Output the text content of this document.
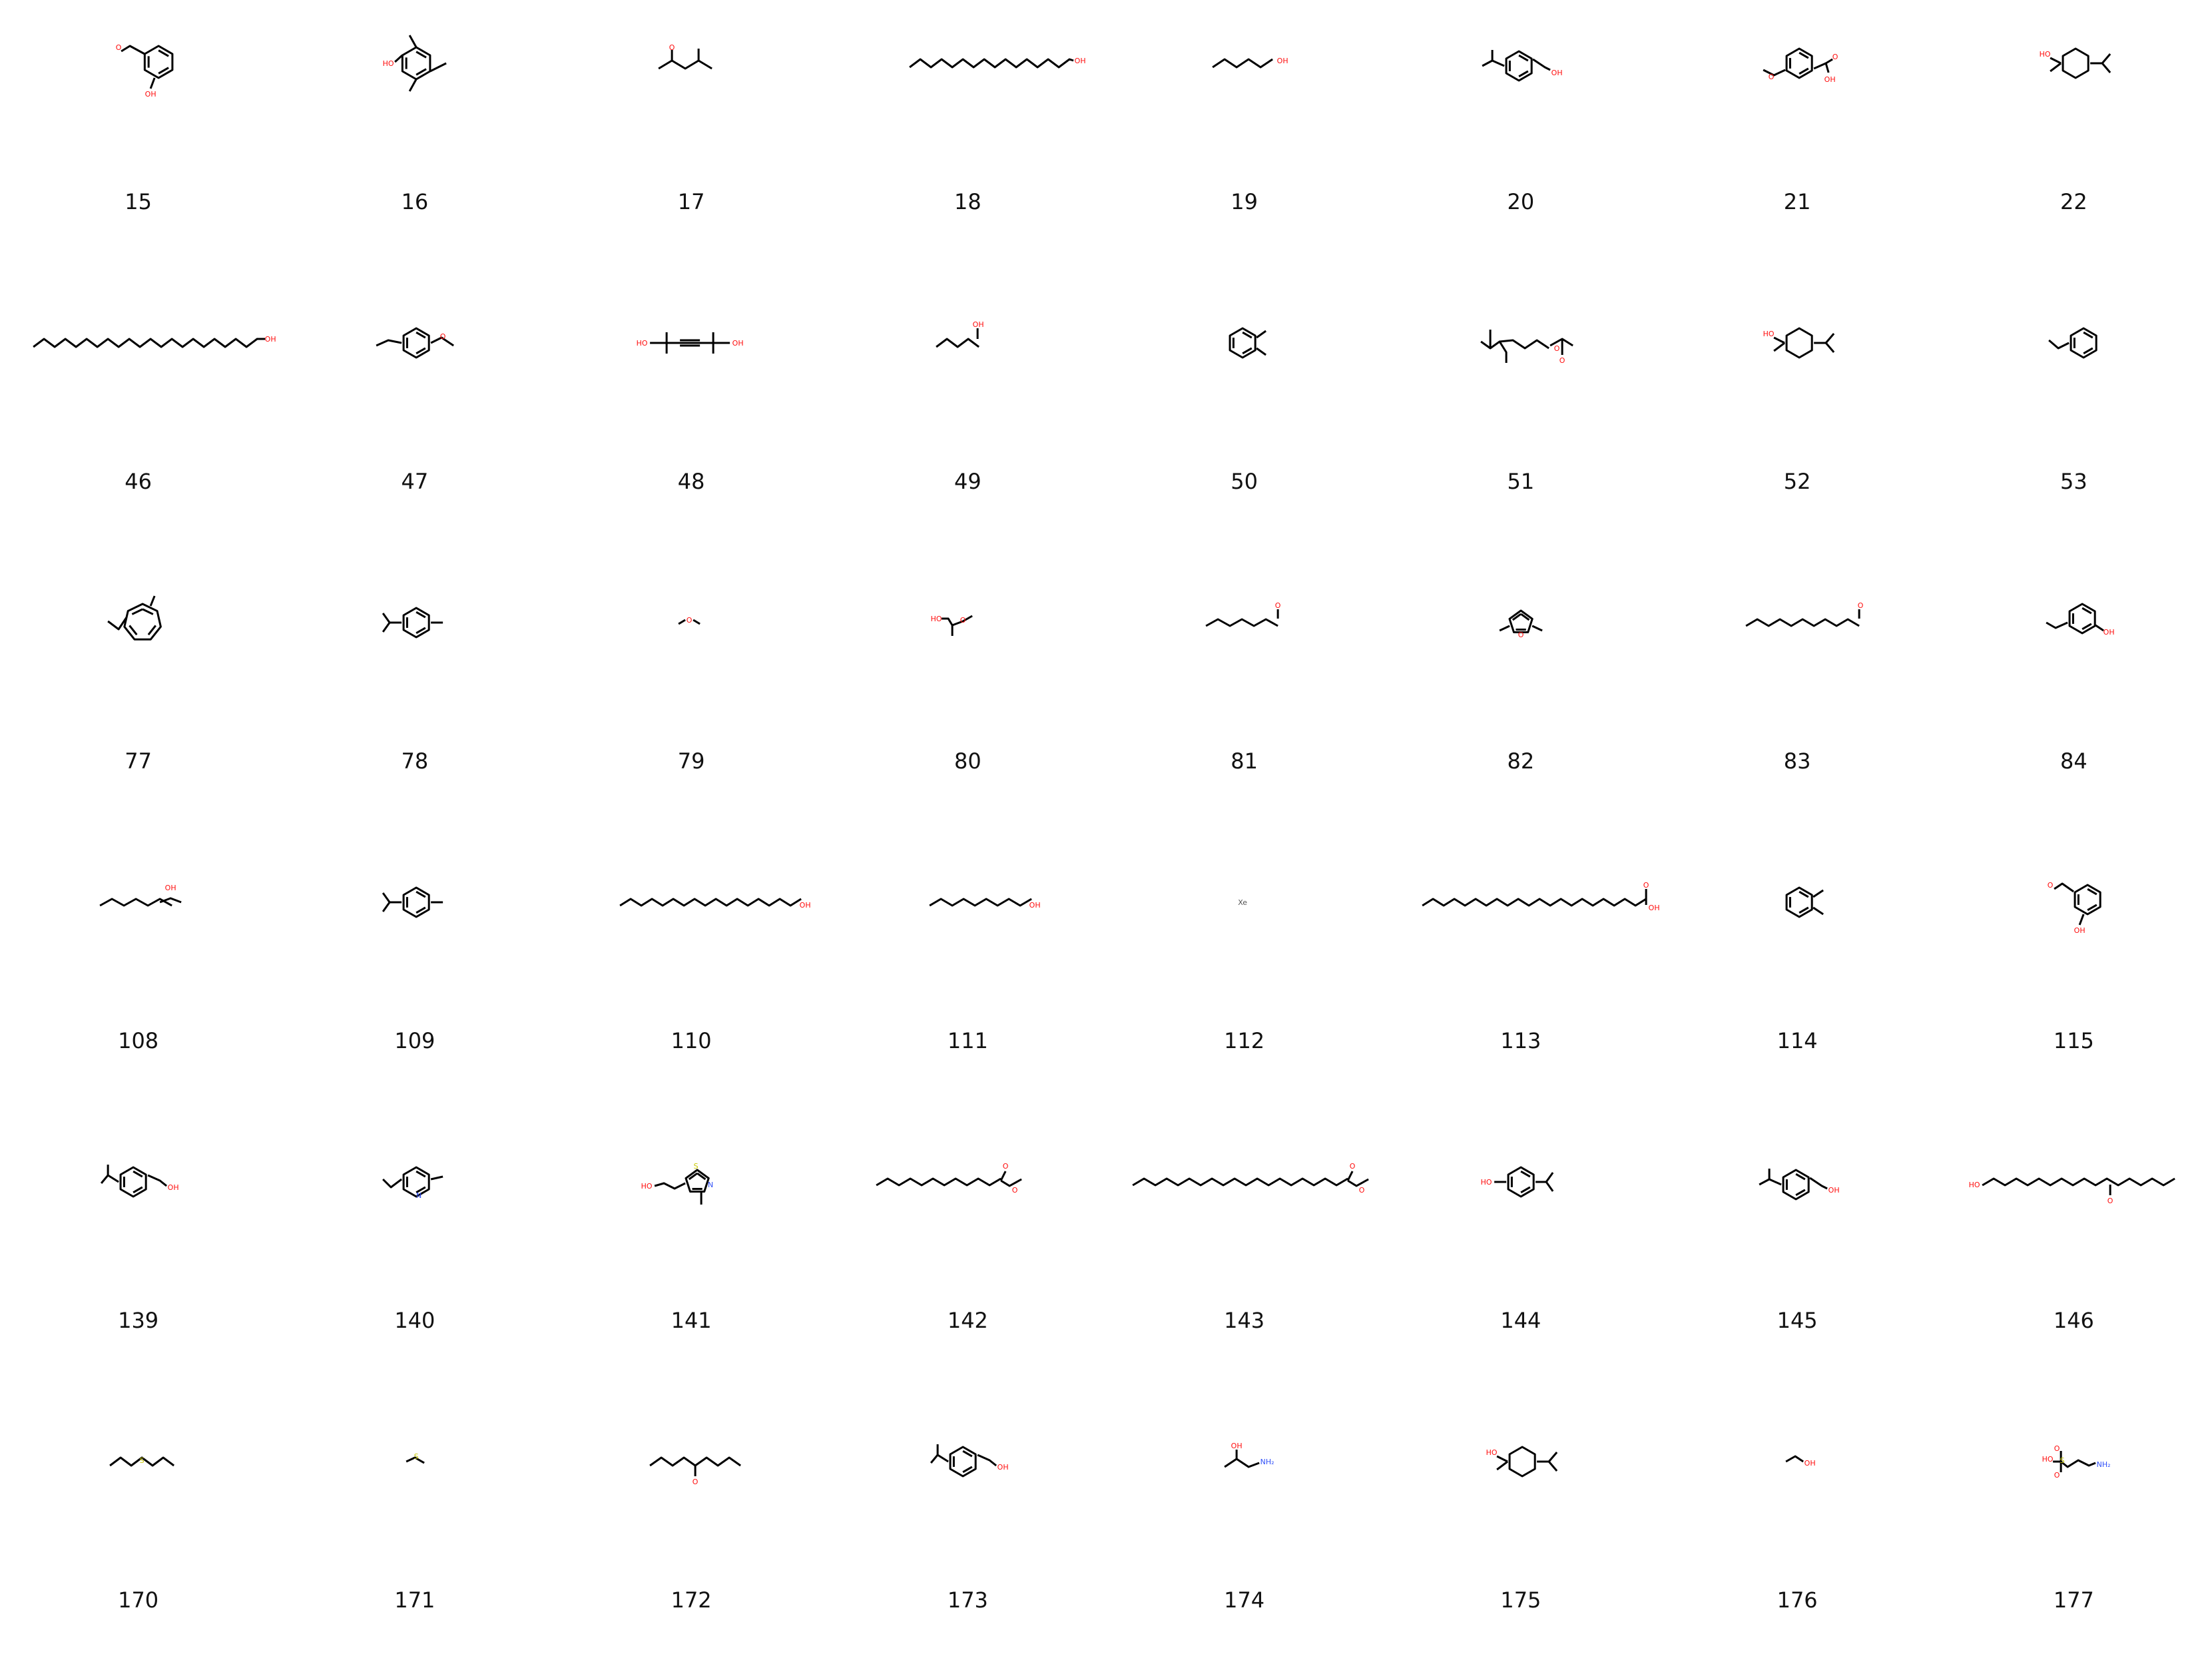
O
OH
15
HO
16
O
17
OH
18
OH
19
OH
20
O
O
OH
21
HO
22
OH
46
O
47
HO	OH
48
OH
49	50
O
O
51
HO
52	53
77	78
O
79
HO O
80
O
81
O
82
O
83
OH
84
OH
108	109
OH
110
OH
111
Xe
112
O
OH
113	114
O
OH
115
OH
139
N
140
HO
S
N
141
O
O
142
O
O
143
HO
144
OH
145
HO
O
146
S
170
S
171
O
172
OH
173
OH
NH₂
174
HO
175
OH
176
HO S
O
O
NH₂
177
